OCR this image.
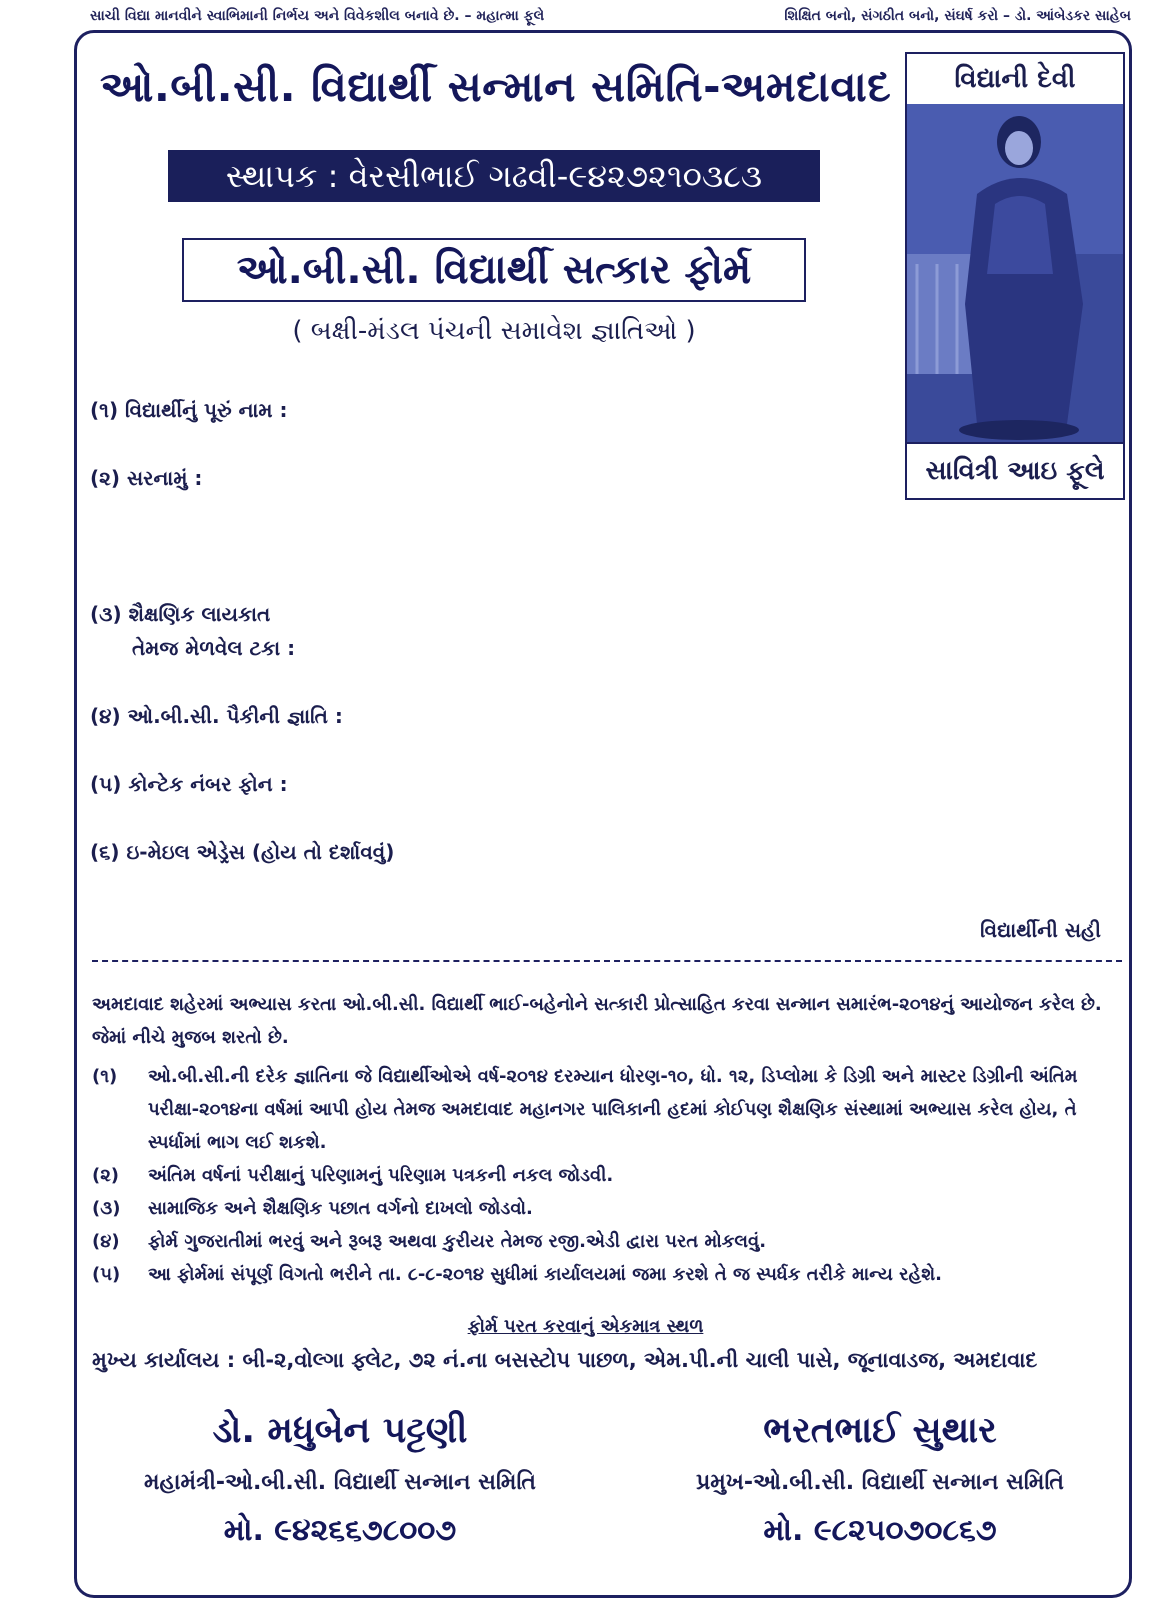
સાચી વિદ્યા માનવીને સ્વાભિમાની નિર્ભય અને વિવેકશીલ બનાવે છે. – મહાત્મા ફૂલે	શિક્ષિત બનો, સંગઠીત બનો, સંઘર્ષ કરો – ડો. આંબેડકર સાહેબ
ઓ.બી.સી. વિદ્યાર્થી સન્માન સમિતિ-અમદાવાદ
સ્થાપક : વેરસીભાઈ ગઢવી-૯૪૨૭૨૧૦૩૮૩
ઓ.બી.સી. વિદ્યાર્થી સત્કાર ફોર્મ
( બક્ષી-મંડલ પંચની સમાવેશ જ્ઞાતિઓ )
વિદ્યાની દેવી
સાવિત્રી આઇ ફૂલે
(૧) વિદ્યાર્થીનું પૂરું નામ :
(૨) સરનામું :
(૩) શૈક્ષણિક લાયકાત
તેમજ મેળવેલ ટકા :
(૪) ઓ.બી.સી. પૈકીની જ્ઞાતિ :
(૫) કોન્ટેક નંબર ફોન :
(૬) ઇ-મેઇલ એડ્રેસ (હોય તો દર્શાવવું)
વિદ્યાર્થીની સહી
અમદાવાદ શહેરમાં અભ્યાસ કરતા ઓ.બી.સી. વિદ્યાર્થી ભાઈ-બહેનોને સત્કારી પ્રોત્સાહિત કરવા સન્માન સમારંભ-૨૦૧૪નું આયોજન કરેલ છે. જેમાં નીચે મુજબ શરતો છે.
(૧)	ઓ.બી.સી.ની દરેક જ્ઞાતિના જે વિદ્યાર્થીઓએ વર્ષ-૨૦૧૪ દરમ્યાન ધોરણ-૧૦, ધો. ૧૨, ડિપ્લોમા કે ડિગ્રી અને માસ્ટર ડિગ્રીની અંતિમ પરીક્ષા-૨૦૧૪ના વર્ષમાં આપી હોય તેમજ અમદાવાદ મહાનગર પાલિકાની હદમાં કોઈપણ શૈક્ષણિક સંસ્થામાં અભ્યાસ કરેલ હોય, તે સ્પર્ધામાં ભાગ લઈ શકશે.
(૨)	અંતિમ વર્ષનાં પરીક્ષાનું પરિણામનું પરિણામ પત્રકની નકલ જોડવી.
(૩)	સામાજિક અને શૈક્ષણિક પછાત વર્ગનો દાખલો જોડવો.
(૪)	ફોર્મ ગુજરાતીમાં ભરવું અને રૂબરૂ અથવા કુરીયર તેમજ રજી.એડી દ્વારા પરત મોકલવું.
(૫)	આ ફોર્મમાં સંપૂર્ણ વિગતો ભરીને તા. ૮-૮-૨૦૧૪ સુધીમાં કાર્યાલયમાં જમા કરશે તે જ સ્પર્ધક તરીકે માન્ય રહેશે.
ફોર્મ પરત કરવાનું એકમાત્ર સ્થળ
મુખ્ય કાર્યાલય : બી-૨,વોલ્ગા ફ્લેટ, ૭૨ નં.ના બસસ્ટોપ પાછળ, એમ.પી.ની ચાલી પાસે, જૂનાવાડજ, અમદાવાદ
ડો. મધુબેન પટ્ટણી
મહામંત્રી-ઓ.બી.સી. વિદ્યાર્થી સન્માન સમિતિ
મો. ૯૪૨૬૬૭૮૦૦૭
ભરતભાઈ સુથાર
પ્રમુખ-ઓ.બી.સી. વિદ્યાર્થી સન્માન સમિતિ
મો. ૯૮૨૫૦૭૦૮૬૭
